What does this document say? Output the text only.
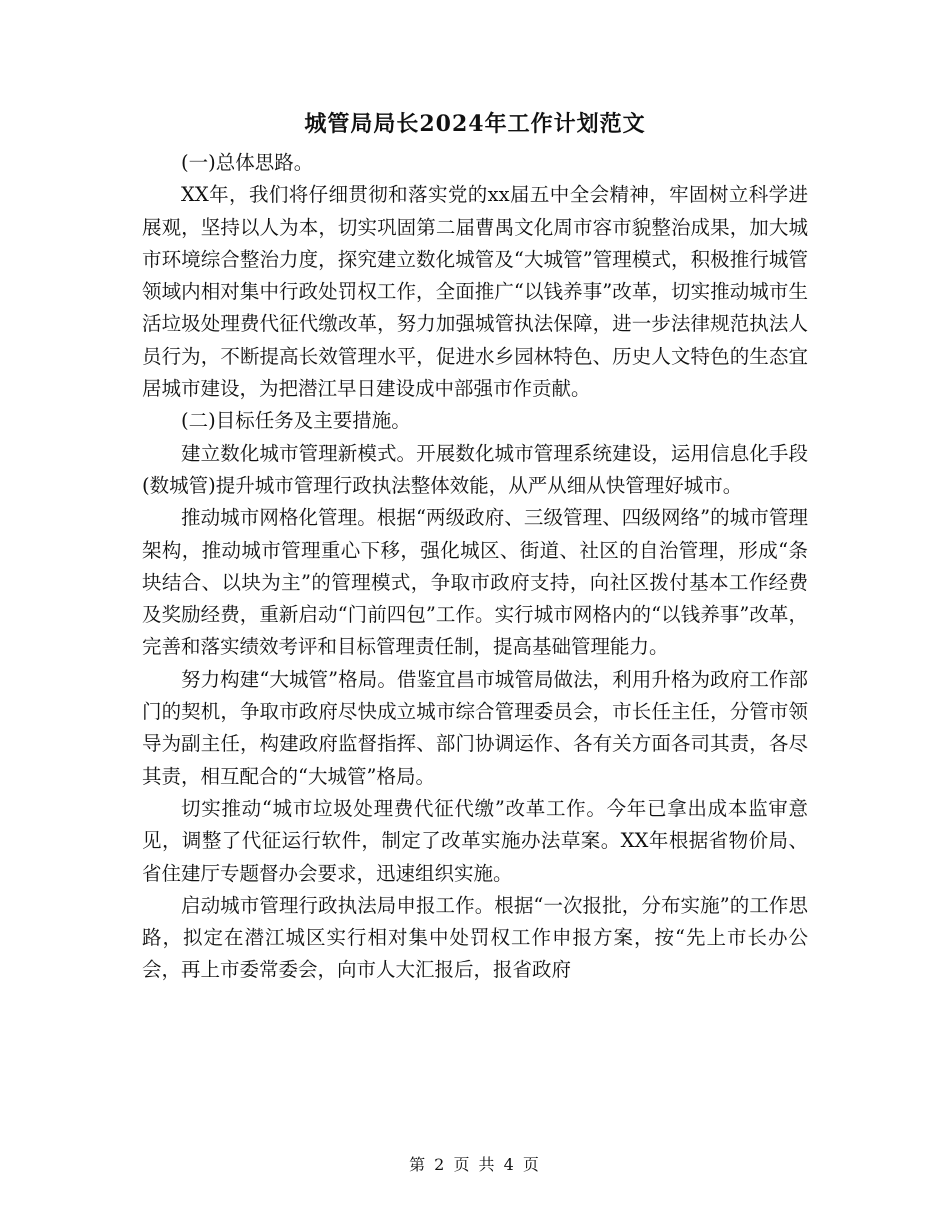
城管局局长2024年工作计划范文

(一)总体思路。

XX年，我们将仔细贯彻和落实党的xx届五中全会精神，牢固树立科学进展观，坚持以人为本，切实巩固第二届曹禺文化周市容市貌整治成果，加大城市环境综合整治力度，探究建立数化城管及“大城管”管理模式，积极推行城管领域内相对集中行政处罚权工作，全面推广“以钱养事”改革，切实推动城市生活垃圾处理费代征代缴改革，努力加强城管执法保障，进一步法律规范执法人员行为，不断提高长效管理水平，促进水乡园林特色、历史人文特色的生态宜居城市建设，为把潜江早日建设成中部强市作贡献。

(二)目标任务及主要措施。

建立数化城市管理新模式。开展数化城市管理系统建设，运用信息化手段(数城管)提升城市管理行政执法整体效能，从严从细从快管理好城市。

推动城市网格化管理。根据“两级政府、三级管理、四级网络”的城市管理架构，推动城市管理重心下移，强化城区、街道、社区的自治管理，形成“条块结合、以块为主”的管理模式，争取市政府支持，向社区拨付基本工作经费及奖励经费，重新启动“门前四包”工作。实行城市网格内的“以钱养事”改革，完善和落实绩效考评和目标管理责任制，提高基础管理能力。

努力构建“大城管”格局。借鉴宜昌市城管局做法，利用升格为政府工作部门的契机，争取市政府尽快成立城市综合管理委员会，市长任主任，分管市领导为副主任，构建政府监督指挥、部门协调运作、各有关方面各司其责，各尽其责，相互配合的“大城管”格局。

切实推动“城市垃圾处理费代征代缴”改革工作。今年已拿出成本监审意见，调整了代征运行软件，制定了改革实施办法草案。XX年根据省物价局、省住建厅专题督办会要求，迅速组织实施。

启动城市管理行政执法局申报工作。根据“一次报批，分布实施”的工作思路，拟定在潜江城区实行相对集中处罚权工作申报方案，按“先上市长办公会，再上市委常委会，向市人大汇报后，报省政府

第 2 页 共 4 页
